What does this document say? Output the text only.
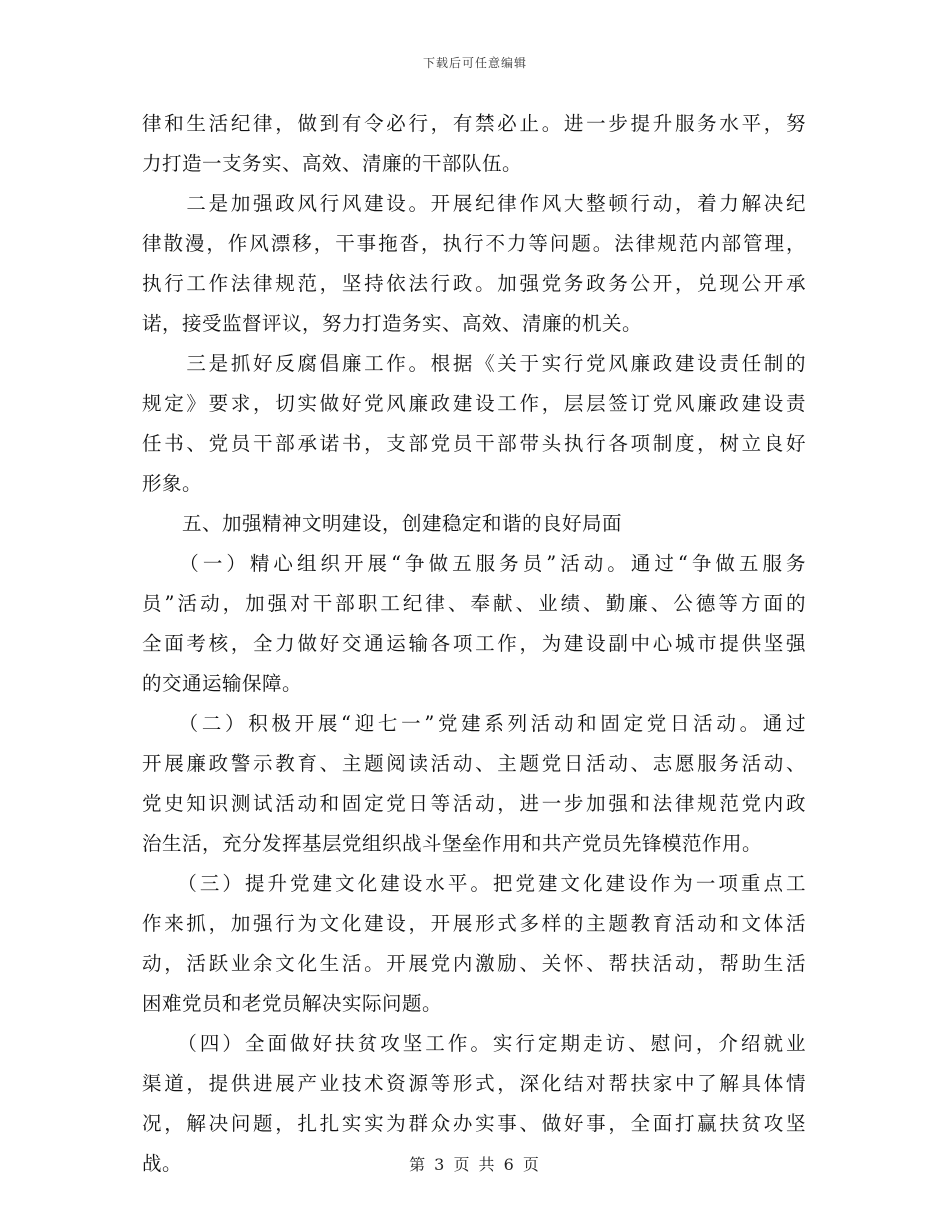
下载后可任意编辑
律和生活纪律，做到有令必行，有禁必止。进一步提升服务水平，努
力打造一支务实、高效、清廉的干部队伍。
　　二是加强政风行风建设。开展纪律作风大整顿行动，着力解决纪
律散漫，作风漂移，干事拖沓，执行不力等问题。法律规范内部管理，
执行工作法律规范，坚持依法行政。加强党务政务公开，兑现公开承
诺，接受监督评议，努力打造务实、高效、清廉的机关。
　　三是抓好反腐倡廉工作。根据《关于实行党风廉政建设责任制的
规定》要求，切实做好党风廉政建设工作，层层签订党风廉政建设责
任书、党员干部承诺书，支部党员干部带头执行各项制度，树立良好
形象。
　　五、加强精神文明建设，创建稳定和谐的良好局面
　　（一）精心组织开展“争做五服务员”活动。通过“争做五服务
员”活动，加强对干部职工纪律、奉献、业绩、勤廉、公德等方面的
全面考核，全力做好交通运输各项工作，为建设副中心城市提供坚强
的交通运输保障。
　　（二）积极开展“迎七一”党建系列活动和固定党日活动。通过
开展廉政警示教育、主题阅读活动、主题党日活动、志愿服务活动、
党史知识测试活动和固定党日等活动，进一步加强和法律规范党内政
治生活，充分发挥基层党组织战斗堡垒作用和共产党员先锋模范作用。
　　（三）提升党建文化建设水平。把党建文化建设作为一项重点工
作来抓，加强行为文化建设，开展形式多样的主题教育活动和文体活
动，活跃业余文化生活。开展党内激励、关怀、帮扶活动，帮助生活
困难党员和老党员解决实际问题。
　　（四）全面做好扶贫攻坚工作。实行定期走访、慰问，介绍就业
渠道，提供进展产业技术资源等形式，深化结对帮扶家中了解具体情
况，解决问题，扎扎实实为群众办实事、做好事，全面打赢扶贫攻坚
战。	第 3 页 共 6 页
